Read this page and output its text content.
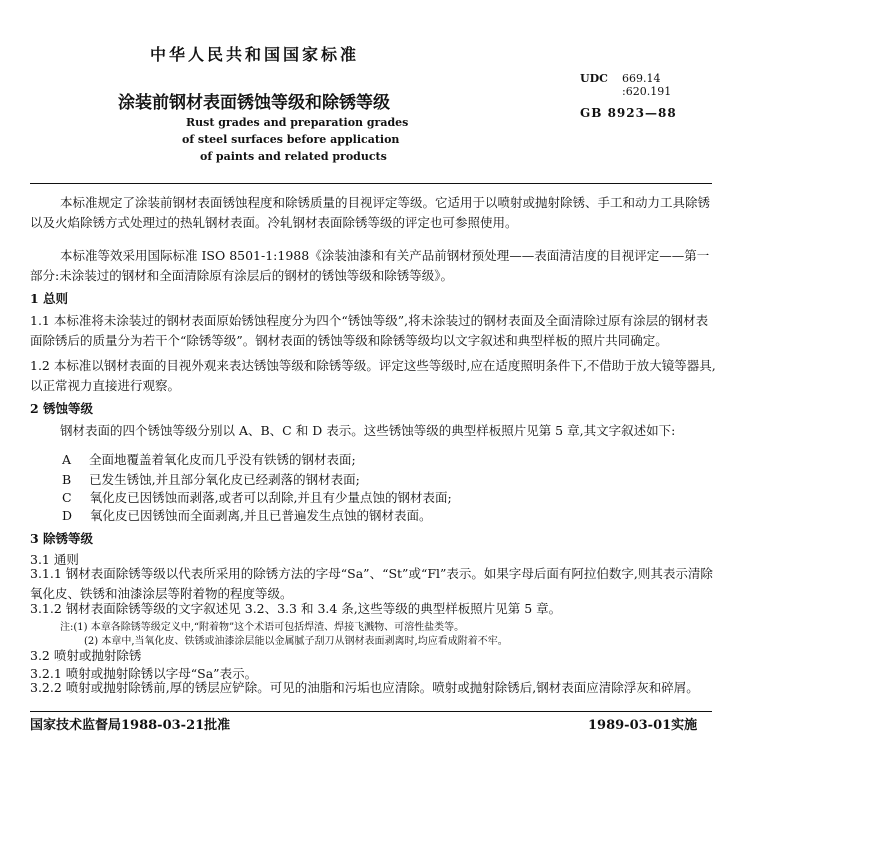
中华人民共和国国家标准
涂装前钢材表面锈蚀等级和除锈等级
Rust grades and preparation grades
of steel surfaces before application
of paints and related products
UDC 669.14
:620.191
GB 8923—88
本标准规定了涂装前钢材表面锈蚀程度和除锈质量的目视评定等级。它适用于以喷射或抛射除锈、手工和动力工具除锈以及火焰除锈方式处理过的热轧钢材表面。冷轧钢材表面除锈等级的评定也可参照使用。
本标准等效采用国际标准 ISO 8501-1:1988《涂装油漆和有关产品前钢材预处理——表面清洁度的目视评定——第一部分:未涂装过的钢材和全面清除原有涂层后的钢材的锈蚀等级和除锈等级》。
1 总则
1.1 本标准将未涂装过的钢材表面原始锈蚀程度分为四个“锈蚀等级”,将未涂装过的钢材表面及全面清除过原有涂层的钢材表面除锈后的质量分为若干个“除锈等级”。钢材表面的锈蚀等级和除锈等级均以文字叙述和典型样板的照片共同确定。
1.2 本标准以钢材表面的目视外观来表达锈蚀等级和除锈等级。评定这些等级时,应在适度照明条件下,不借助于放大镜等器具,以正常视力直接进行观察。
2 锈蚀等级
钢材表面的四个锈蚀等级分别以 A、B、C 和 D 表示。这些锈蚀等级的典型样板照片见第 5 章,其文字叙述如下:
A 全面地覆盖着氧化皮而几乎没有铁锈的钢材表面;
B 已发生锈蚀,并且部分氧化皮已经剥落的钢材表面;
C 氧化皮已因锈蚀而剥落,或者可以刮除,并且有少量点蚀的钢材表面;
D 氧化皮已因锈蚀而全面剥离,并且已普遍发生点蚀的钢材表面。
3 除锈等级
3.1 通则
3.1.1 钢材表面除锈等级以代表所采用的除锈方法的字母“Sa”、“St”或“Fl”表示。如果字母后面有阿拉伯数字,则其表示清除氧化皮、铁锈和油漆涂层等附着物的程度等级。
3.1.2 钢材表面除锈等级的文字叙述见 3.2、3.3 和 3.4 条,这些等级的典型样板照片见第 5 章。
注:(1) 本章各除锈等级定义中,“附着物”这个术语可包括焊渣、焊接飞溅物、可溶性盐类等。
(2) 本章中,当氧化皮、铁锈或油漆涂层能以金属腻子刮刀从钢材表面剥离时,均应看成附着不牢。
3.2 喷射或抛射除锈
3.2.1 喷射或抛射除锈以字母“Sa”表示。
3.2.2 喷射或抛射除锈前,厚的锈层应铲除。可见的油脂和污垢也应清除。喷射或抛射除锈后,钢材表面应清除浮灰和碎屑。
国家技术监督局1988-03-21批准	1989-03-01实施
